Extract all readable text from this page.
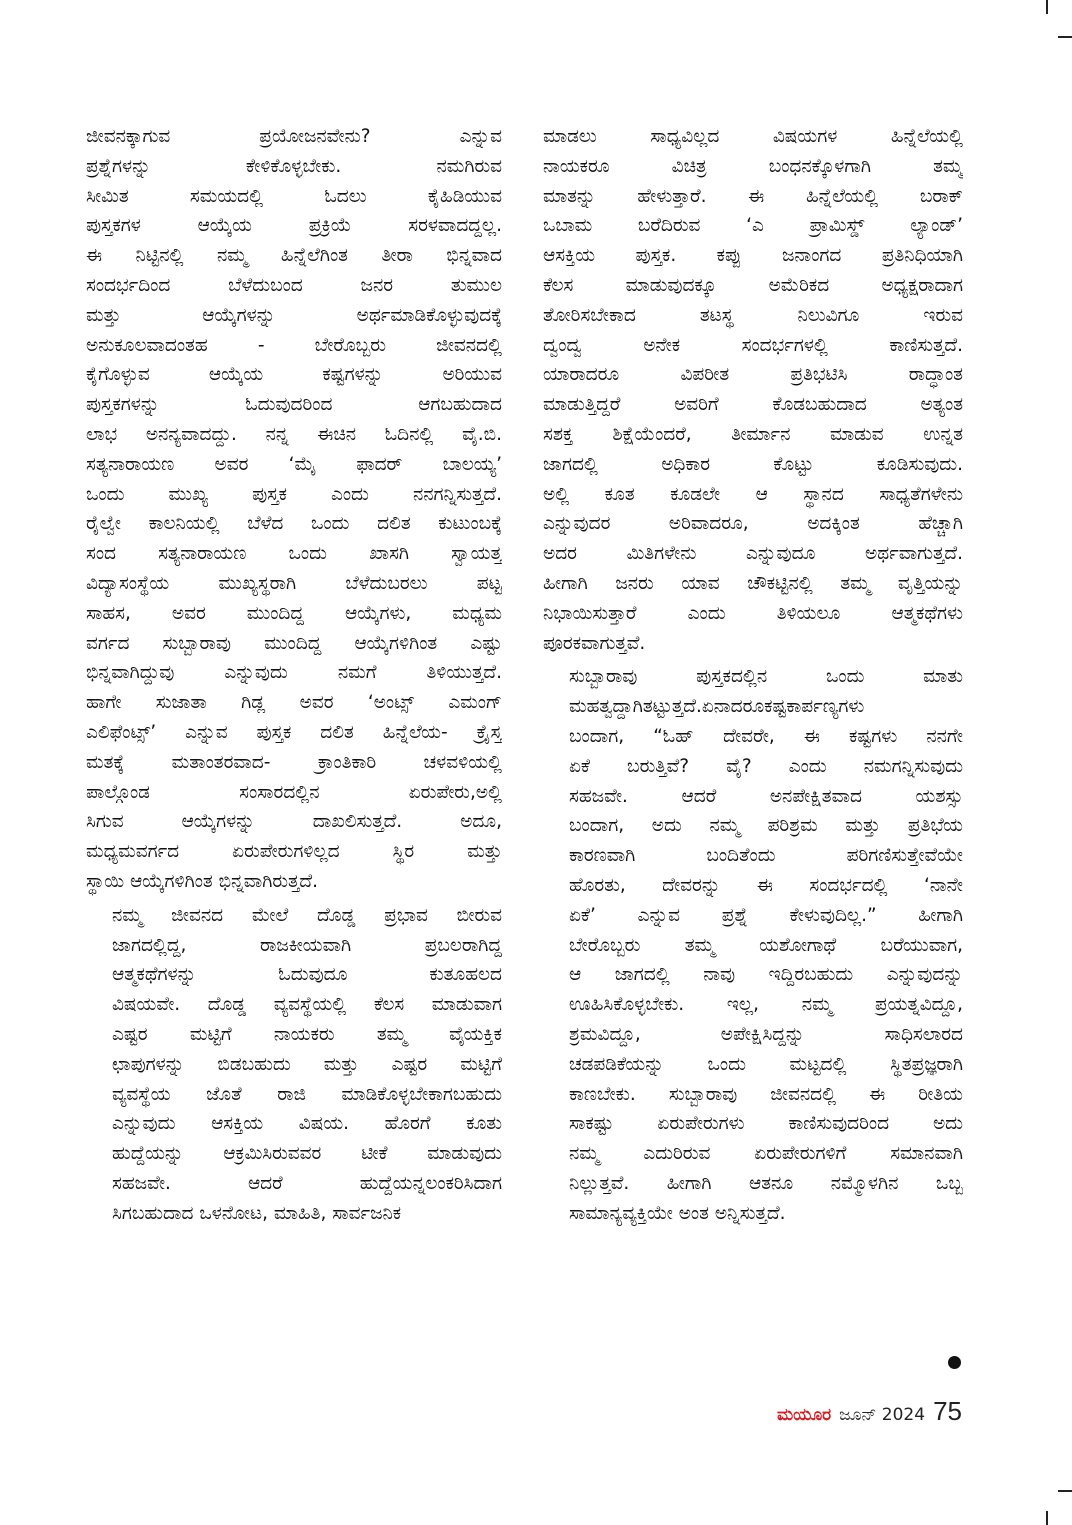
ಜೀವನಕ್ಕಾಗುವ ಪ್ರಯೋಜನವೇನು? ಎನ್ನುವ
ಪ್ರಶ್ನೆಗಳನ್ನು ಕೇಳಿಕೊಳ್ಳಬೇಕು. ನಮಗಿರುವ
ಸೀಮಿತ ಸಮಯದಲ್ಲಿ ಓದಲು ಕೈಹಿಡಿಯುವ
ಪುಸ್ತಕಗಳ ಆಯ್ಕೆಯ ಪ್ರಕ್ರಿಯೆ ಸರಳವಾದದ್ದಲ್ಲ.
ಈ ನಿಟ್ಟಿನಲ್ಲಿ ನಮ್ಮ ಹಿನ್ನೆಲೆಗಿಂತ ತೀರಾ ಭಿನ್ನವಾದ
ಸಂದರ್ಭದಿಂದ ಬೆಳೆದುಬಂದ ಜನರ ತುಮುಲ
ಮತ್ತು ಆಯ್ಕೆಗಳನ್ನು ಅರ್ಥಮಾಡಿಕೊಳ್ಳುವುದಕ್ಕೆ
ಅನುಕೂಲವಾದಂತಹ - ಬೇರೊಬ್ಬರು ಜೀವನದಲ್ಲಿ
ಕೈಗೊಳ್ಳುವ ಆಯ್ಕೆಯ ಕಷ್ಟಗಳನ್ನು ಅರಿಯುವ
ಪುಸ್ತಕಗಳನ್ನು ಓದುವುದರಿಂದ ಆಗಬಹುದಾದ
ಲಾಭ ಅನನ್ಯವಾದದ್ದು. ನನ್ನ ಈಚಿನ ಓದಿನಲ್ಲಿ ವೈ.ಬಿ.
ಸತ್ಯನಾರಾಯಣ ಅವರ ‘ಮೈ ಫಾದರ್ ಬಾಲಯ್ಯ’
ಒಂದು ಮುಖ್ಯ ಪುಸ್ತಕ ಎಂದು ನನಗನ್ನಿಸುತ್ತದೆ.
ರೈಲ್ವೇ ಕಾಲನಿಯಲ್ಲಿ ಬೆಳೆದ ಒಂದು ದಲಿತ ಕುಟುಂಬಕ್ಕೆ
ಸಂದ ಸತ್ಯನಾರಾಯಣ ಒಂದು ಖಾಸಗಿ ಸ್ವಾಯತ್ತ
ವಿದ್ಯಾಸಂಸ್ಥೆಯ ಮುಖ್ಯಸ್ಥರಾಗಿ ಬೆಳೆದುಬರಲು ಪಟ್ಟ
ಸಾಹಸ, ಅವರ ಮುಂದಿದ್ದ ಆಯ್ಕೆಗಳು, ಮಧ್ಯಮ
ವರ್ಗದ ಸುಬ್ಬಾರಾವು ಮುಂದಿದ್ದ ಆಯ್ಕೆಗಳಿಗಿಂತ ಎಷ್ಟು
ಭಿನ್ನವಾಗಿದ್ದುವು ಎನ್ನುವುದು ನಮಗೆ ತಿಳಿಯುತ್ತದೆ.
ಹಾಗೇ ಸುಜಾತಾ ಗಿಡ್ಲ ಅವರ ‘ಅಂಟ್ಸ್ ಎಮಂಗ್
ಎಲಿಫೆಂಟ್ಸ್’ ಎನ್ನುವ ಪುಸ್ತಕ ದಲಿತ ಹಿನ್ನೆಲೆಯ- ಕ್ರೈಸ್ತ
ಮತಕ್ಕೆ ಮತಾಂತರವಾದ- ಕ್ರಾಂತಿಕಾರಿ ಚಳವಳಿಯಲ್ಲಿ
ಪಾಲ್ಗೊಂಡ ಸಂಸಾರದಲ್ಲಿನ ಏರುಪೇರು,ಅಲ್ಲಿ
ಸಿಗುವ ಆಯ್ಕೆಗಳನ್ನು ದಾಖಲಿಸುತ್ತದೆ. ಅದೂ,
ಮಧ್ಯಮವರ್ಗದ ಏರುಪೇರುಗಳಿಲ್ಲದ ಸ್ಥಿರ ಮತ್ತು
ಸ್ಥಾಯಿ ಆಯ್ಕೆಗಳಿಗಿಂತ ಭಿನ್ನವಾಗಿರುತ್ತದೆ.
ನಮ್ಮ ಜೀವನದ ಮೇಲೆ ದೊಡ್ಡ ಪ್ರಭಾವ ಬೀರುವ
ಜಾಗದಲ್ಲಿದ್ದ, ರಾಜಕೀಯವಾಗಿ ಪ್ರಬಲರಾಗಿದ್ದ
ಆತ್ಮಕಥೆಗಳನ್ನು ಓದುವುದೂ ಕುತೂಹಲದ
ವಿಷಯವೇ. ದೊಡ್ಡ ವ್ಯವಸ್ಥೆಯಲ್ಲಿ ಕೆಲಸ ಮಾಡುವಾಗ
ಎಷ್ಟರ ಮಟ್ಟಿಗೆ ನಾಯಕರು ತಮ್ಮ ವೈಯಕ್ತಿಕ
ಛಾಪುಗಳನ್ನು ಬಿಡಬಹುದು ಮತ್ತು ಎಷ್ಟರ ಮಟ್ಟಿಗೆ
ವ್ಯವಸ್ಥೆಯ ಜೊತೆ ರಾಜಿ ಮಾಡಿಕೊಳ್ಳಬೇಕಾಗಬಹುದು
ಎನ್ನುವುದು ಆಸಕ್ತಿಯ ವಿಷಯ. ಹೊರಗೆ ಕೂತು
ಹುದ್ದೆಯನ್ನು ಆಕ್ರಮಿಸಿರುವವರ ಟೀಕೆ ಮಾಡುವುದು
ಸಹಜವೇ. ಆದರೆ ಹುದ್ದೆಯನ್ನಲಂಕರಿಸಿದಾಗ
ಸಿಗಬಹುದಾದ ಒಳನೋಟ, ಮಾಹಿತಿ, ಸಾರ್ವಜನಿಕ
ಮಾಡಲು ಸಾಧ್ಯವಿಲ್ಲದ ವಿಷಯಗಳ ಹಿನ್ನೆಲೆಯಲ್ಲಿ
ನಾಯಕರೂ ವಿಚಿತ್ರ ಬಂಧನಕ್ಕೊಳಗಾಗಿ ತಮ್ಮ
ಮಾತನ್ನು ಹೇಳುತ್ತಾರೆ. ಈ ಹಿನ್ನೆಲೆಯಲ್ಲಿ ಬರಾಕ್
ಒಬಾಮ ಬರೆದಿರುವ ‘ಎ ಪ್ರಾಮಿಸ್ಡ್ ಲ್ಯಾಂಡ್’
ಆಸಕ್ತಿಯ ಪುಸ್ತಕ. ಕಪ್ಪು ಜನಾಂಗದ ಪ್ರತಿನಿಧಿಯಾಗಿ
ಕೆಲಸ ಮಾಡುವುದಕ್ಕೂ ಅಮೆರಿಕದ ಅಧ್ಯಕ್ಷರಾದಾಗ
ತೋರಿಸಬೇಕಾದ ತಟಸ್ಥ ನಿಲುವಿಗೂ ಇರುವ
ದ್ವಂದ್ವ ಅನೇಕ ಸಂದರ್ಭಗಳಲ್ಲಿ ಕಾಣಿಸುತ್ತದೆ.
ಯಾರಾದರೂ ವಿಪರೀತ ಪ್ರತಿಭಟಿಸಿ ರಾದ್ಧಾಂತ
ಮಾಡುತ್ತಿದ್ದರೆ ಅವರಿಗೆ ಕೊಡಬಹುದಾದ ಅತ್ಯಂತ
ಸಶಕ್ತ ಶಿಕ್ಷೆಯೆಂದರೆ, ತೀರ್ಮಾನ ಮಾಡುವ ಉನ್ನತ
ಜಾಗದಲ್ಲಿ ಅಧಿಕಾರ ಕೊಟ್ಟು ಕೂಡಿಸುವುದು.
ಅಲ್ಲಿ ಕೂತ ಕೂಡಲೇ ಆ ಸ್ಥಾನದ ಸಾಧ್ಯತೆಗಳೇನು
ಎನ್ನುವುದರ ಅರಿವಾದರೂ, ಅದಕ್ಕಿಂತ ಹೆಚ್ಚಾಗಿ
ಅದರ ಮಿತಿಗಳೇನು ಎನ್ನುವುದೂ ಅರ್ಥವಾಗುತ್ತದೆ.
ಹೀಗಾಗಿ ಜನರು ಯಾವ ಚೌಕಟ್ಟಿನಲ್ಲಿ ತಮ್ಮ ವೃತ್ತಿಯನ್ನು
ನಿಭಾಯಿಸುತ್ತಾರೆ ಎಂದು ತಿಳಿಯಲೂ ಆತ್ಮಕಥೆಗಳು
ಪೂರಕವಾಗುತ್ತವೆ.
ಸುಬ್ಬಾರಾವು ಪುಸ್ತಕದಲ್ಲಿನ ಒಂದು ಮಾತು
ಮಹತ್ವದ್ದಾಗಿತಟ್ಟುತ್ತದೆ.ಏನಾದರೂಕಷ್ಟಕಾರ್ಪಣ್ಯಗಳು
ಬಂದಾಗ, “ಓಹ್ ದೇವರೇ, ಈ ಕಷ್ಟಗಳು ನನಗೇ
ಏಕೆ ಬರುತ್ತಿವೆ? ವೈ? ಎಂದು ನಮಗನ್ನಿಸುವುದು
ಸಹಜವೇ. ಆದರೆ ಅನಪೇಕ್ಷಿತವಾದ ಯಶಸ್ಸು
ಬಂದಾಗ, ಅದು ನಮ್ಮ ಪರಿಶ್ರಮ ಮತ್ತು ಪ್ರತಿಭೆಯ
ಕಾರಣವಾಗಿ ಬಂದಿತೆಂದು ಪರಿಗಣಿಸುತ್ತೇವೆಯೇ
ಹೊರತು, ದೇವರನ್ನು ಈ ಸಂದರ್ಭದಲ್ಲಿ ‘ನಾನೇ
ಏಕೆ’ ಎನ್ನುವ ಪ್ರಶ್ನೆ ಕೇಳುವುದಿಲ್ಲ.” ಹೀಗಾಗಿ
ಬೇರೊಬ್ಬರು ತಮ್ಮ ಯಶೋಗಾಥೆ ಬರೆಯುವಾಗ,
ಆ ಜಾಗದಲ್ಲಿ ನಾವು ಇದ್ದಿರಬಹುದು ಎನ್ನುವುದನ್ನು
ಊಹಿಸಿಕೊಳ್ಳಬೇಕು. ಇಲ್ಲ, ನಮ್ಮ ಪ್ರಯತ್ನವಿದ್ದೂ,
ಶ್ರಮವಿದ್ದೂ, ಅಪೇಕ್ಷಿಸಿದ್ದನ್ನು ಸಾಧಿಸಲಾರದ
ಚಡಪಡಿಕೆಯನ್ನು ಒಂದು ಮಟ್ಟದಲ್ಲಿ ಸ್ಥಿತಪ್ರಜ್ಞರಾಗಿ
ಕಾಣಬೇಕು. ಸುಬ್ಬಾರಾವು ಜೀವನದಲ್ಲಿ ಈ ರೀತಿಯ
ಸಾಕಷ್ಟು ಏರುಪೇರುಗಳು ಕಾಣಿಸುವುದರಿಂದ ಅದು
ನಮ್ಮ ಎದುರಿರುವ ಏರುಪೇರುಗಳಿಗೆ ಸಮಾನವಾಗಿ
ನಿಲ್ಲುತ್ತವೆ. ಹೀಗಾಗಿ ಆತನೂ ನಮ್ಮೊಳಗಿನ ಒಬ್ಬ
ಸಾಮಾನ್ಯವ್ಯಕ್ತಿಯೇ ಅಂತ ಅನ್ನಿಸುತ್ತದೆ.
ಮಯೂರ ಜೂನ್ 2024 75
